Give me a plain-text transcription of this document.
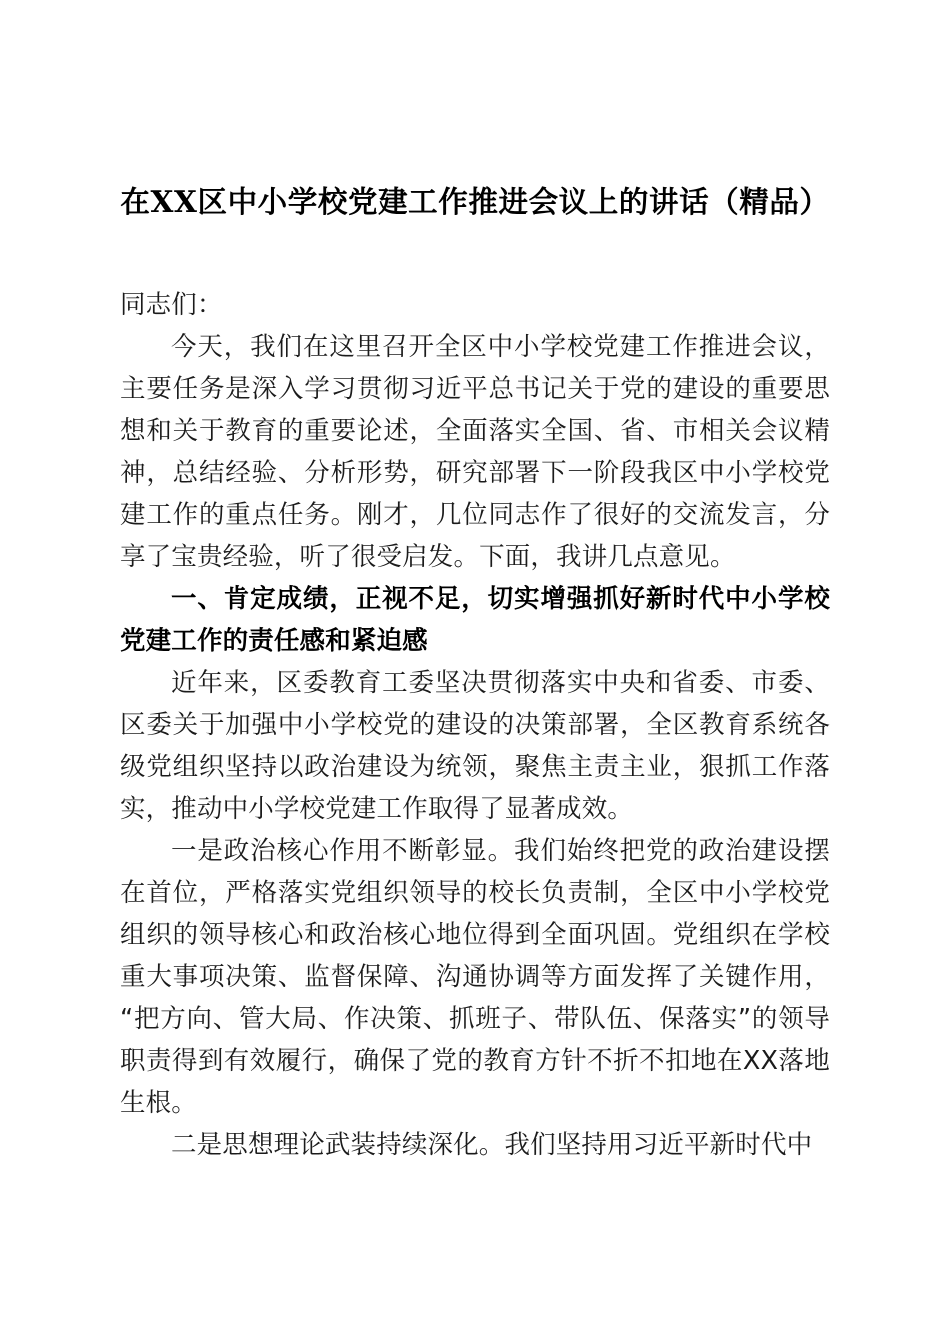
在XX区中小学校党建工作推进会议上的讲话（精品）

同志们：

今天，我们在这里召开全区中小学校党建工作推进会议，主要任务是深入学习贯彻习近平总书记关于党的建设的重要思想和关于教育的重要论述，全面落实全国、省、市相关会议精神，总结经验、分析形势，研究部署下一阶段我区中小学校党建工作的重点任务。刚才，几位同志作了很好的交流发言，分享了宝贵经验，听了很受启发。下面，我讲几点意见。

一、肯定成绩，正视不足，切实增强抓好新时代中小学校党建工作的责任感和紧迫感

近年来，区委教育工委坚决贯彻落实中央和省委、市委、区委关于加强中小学校党的建设的决策部署，全区教育系统各级党组织坚持以政治建设为统领，聚焦主责主业，狠抓工作落实，推动中小学校党建工作取得了显著成效。

一是政治核心作用不断彰显。我们始终把党的政治建设摆在首位，严格落实党组织领导的校长负责制，全区中小学校党组织的领导核心和政治核心地位得到全面巩固。党组织在学校重大事项决策、监督保障、沟通协调等方面发挥了关键作用，“把方向、管大局、作决策、抓班子、带队伍、保落实”的领导职责得到有效履行，确保了党的教育方针不折不扣地在XX落地生根。

二是思想理论武装持续深化。我们坚持用习近平新时代中
